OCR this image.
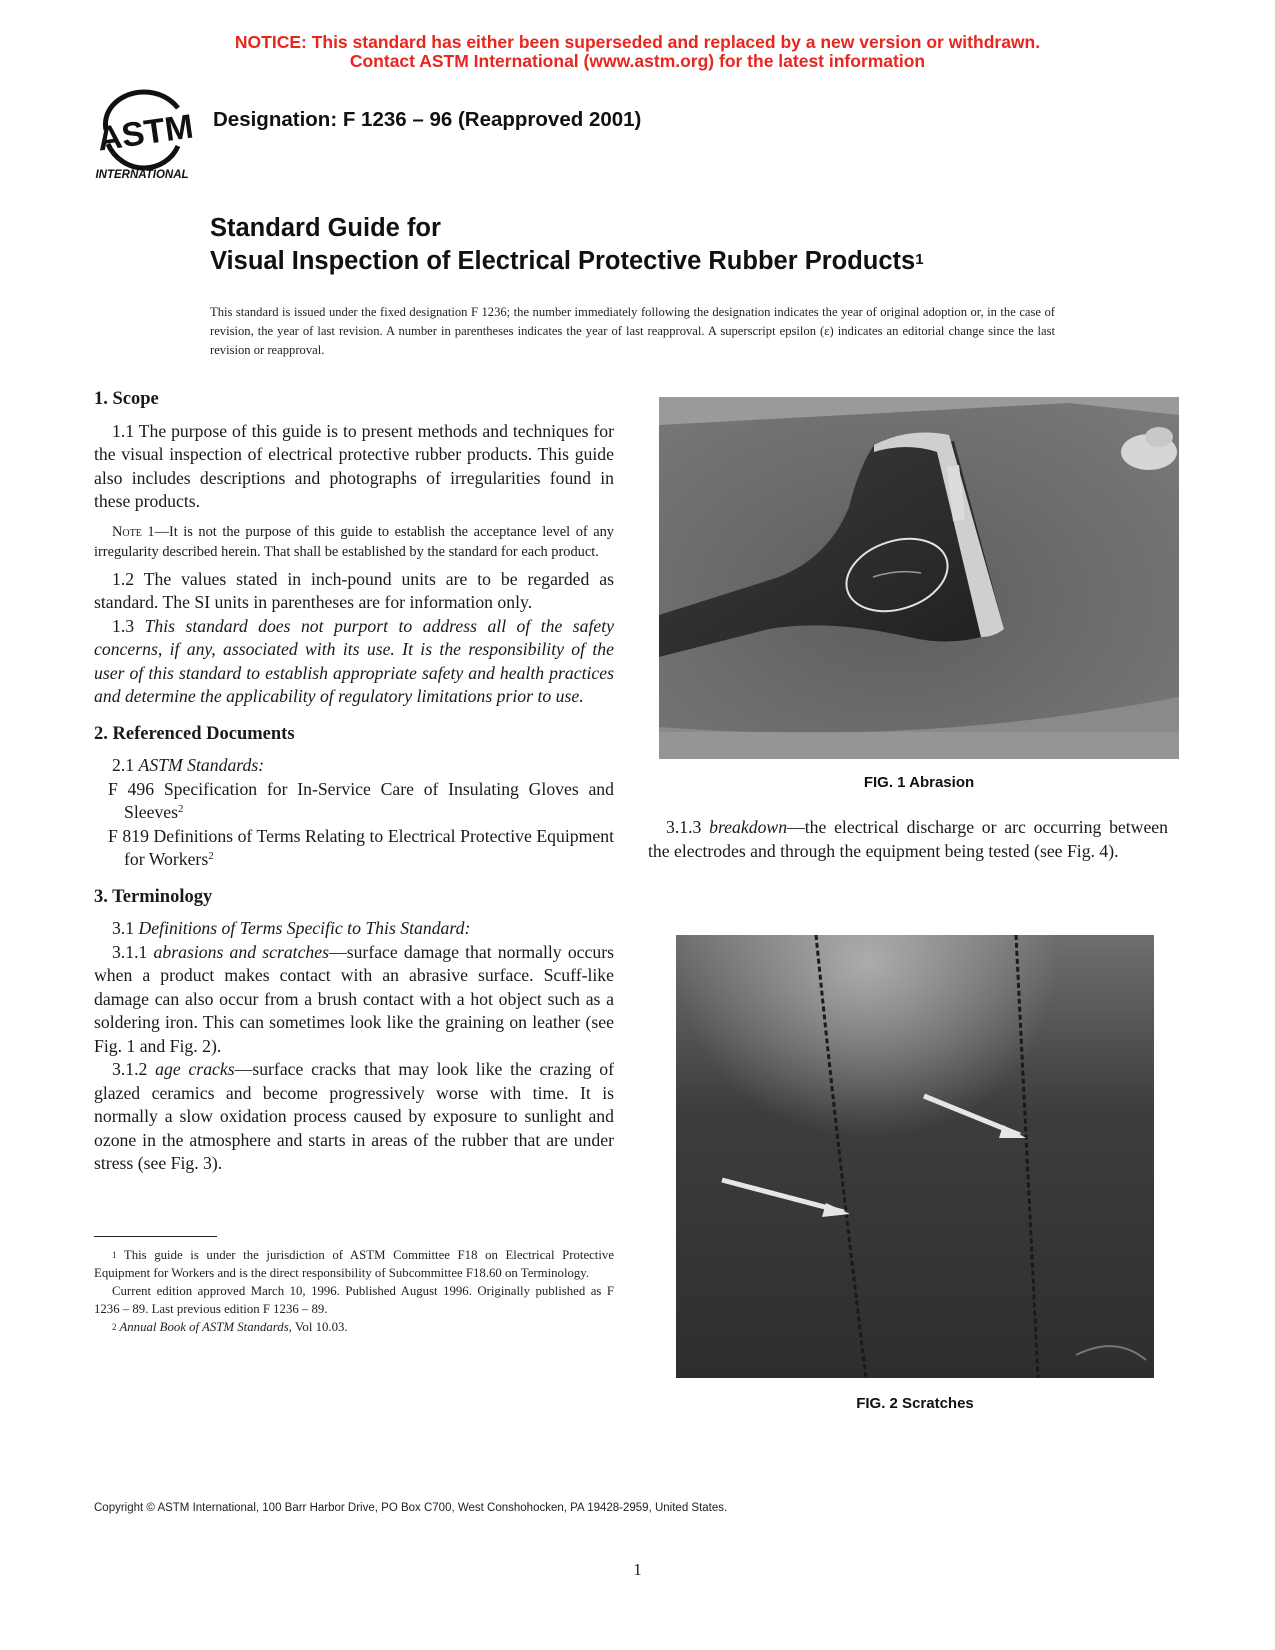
NOTICE: This standard has either been superseded and replaced by a new version or withdrawn.
Contact ASTM International (www.astm.org) for the latest information
ASTM
INTERNATIONAL
Designation: F 1236 – 96 (Reapproved 2001)
Standard Guide for
Visual Inspection of Electrical Protective Rubber Products$^1$
This standard is issued under the fixed designation F 1236; the number immediately following the designation indicates the year of original adoption or, in the case of revision, the year of last revision. A number in parentheses indicates the year of last reapproval. A superscript epsilon (ε) indicates an editorial change since the last revision or reapproval.
1. Scope

1.1 The purpose of this guide is to present methods and techniques for the visual inspection of electrical protective rubber products. This guide also includes descriptions and photographs of irregularities found in these products.

Note 1—It is not the purpose of this guide to establish the acceptance level of any irregularity described herein. That shall be established by the standard for each product.

1.2 The values stated in inch-pound units are to be regarded as standard. The SI units in parentheses are for information only.

1.3 This standard does not purport to address all of the safety concerns, if any, associated with its use. It is the responsibility of the user of this standard to establish appropriate safety and health practices and determine the applicability of regulatory limitations prior to use.

2. Referenced Documents

2.1 ASTM Standards:

F 496 Specification for In-Service Care of Insulating Gloves and Sleeves$^2$

F 819 Definitions of Terms Relating to Electrical Protective Equipment for Workers$^2$

3. Terminology

3.1 Definitions of Terms Specific to This Standard:

3.1.1 abrasions and scratches—surface damage that normally occurs when a product makes contact with an abrasive surface. Scuff-like damage can also occur from a brush contact with a hot object such as a soldering iron. This can sometimes look like the graining on leather (see Fig. 1 and Fig. 2).

3.1.2 age cracks—surface cracks that may look like the crazing of glazed ceramics and become progressively worse with time. It is normally a slow oxidation process caused by exposure to sunlight and ozone in the atmosphere and starts in areas of the rubber that are under stress (see Fig. 3).

$^1$ This guide is under the jurisdiction of ASTM Committee F18 on Electrical Protective Equipment for Workers and is the direct responsibility of Subcommittee F18.60 on Terminology.

Current edition approved March 10, 1996. Published August 1996. Originally published as F 1236 – 89. Last previous edition F 1236 – 89.

$^2$ Annual Book of ASTM Standards, Vol 10.03.

FIG. 1 Abrasion

3.1.3 breakdown—the electrical discharge or arc occurring between the electrodes and through the equipment being tested (see Fig. 4).

FIG. 2 Scratches
Copyright © ASTM International, 100 Barr Harbor Drive, PO Box C700, West Conshohocken, PA 19428-2959, United States.
1
